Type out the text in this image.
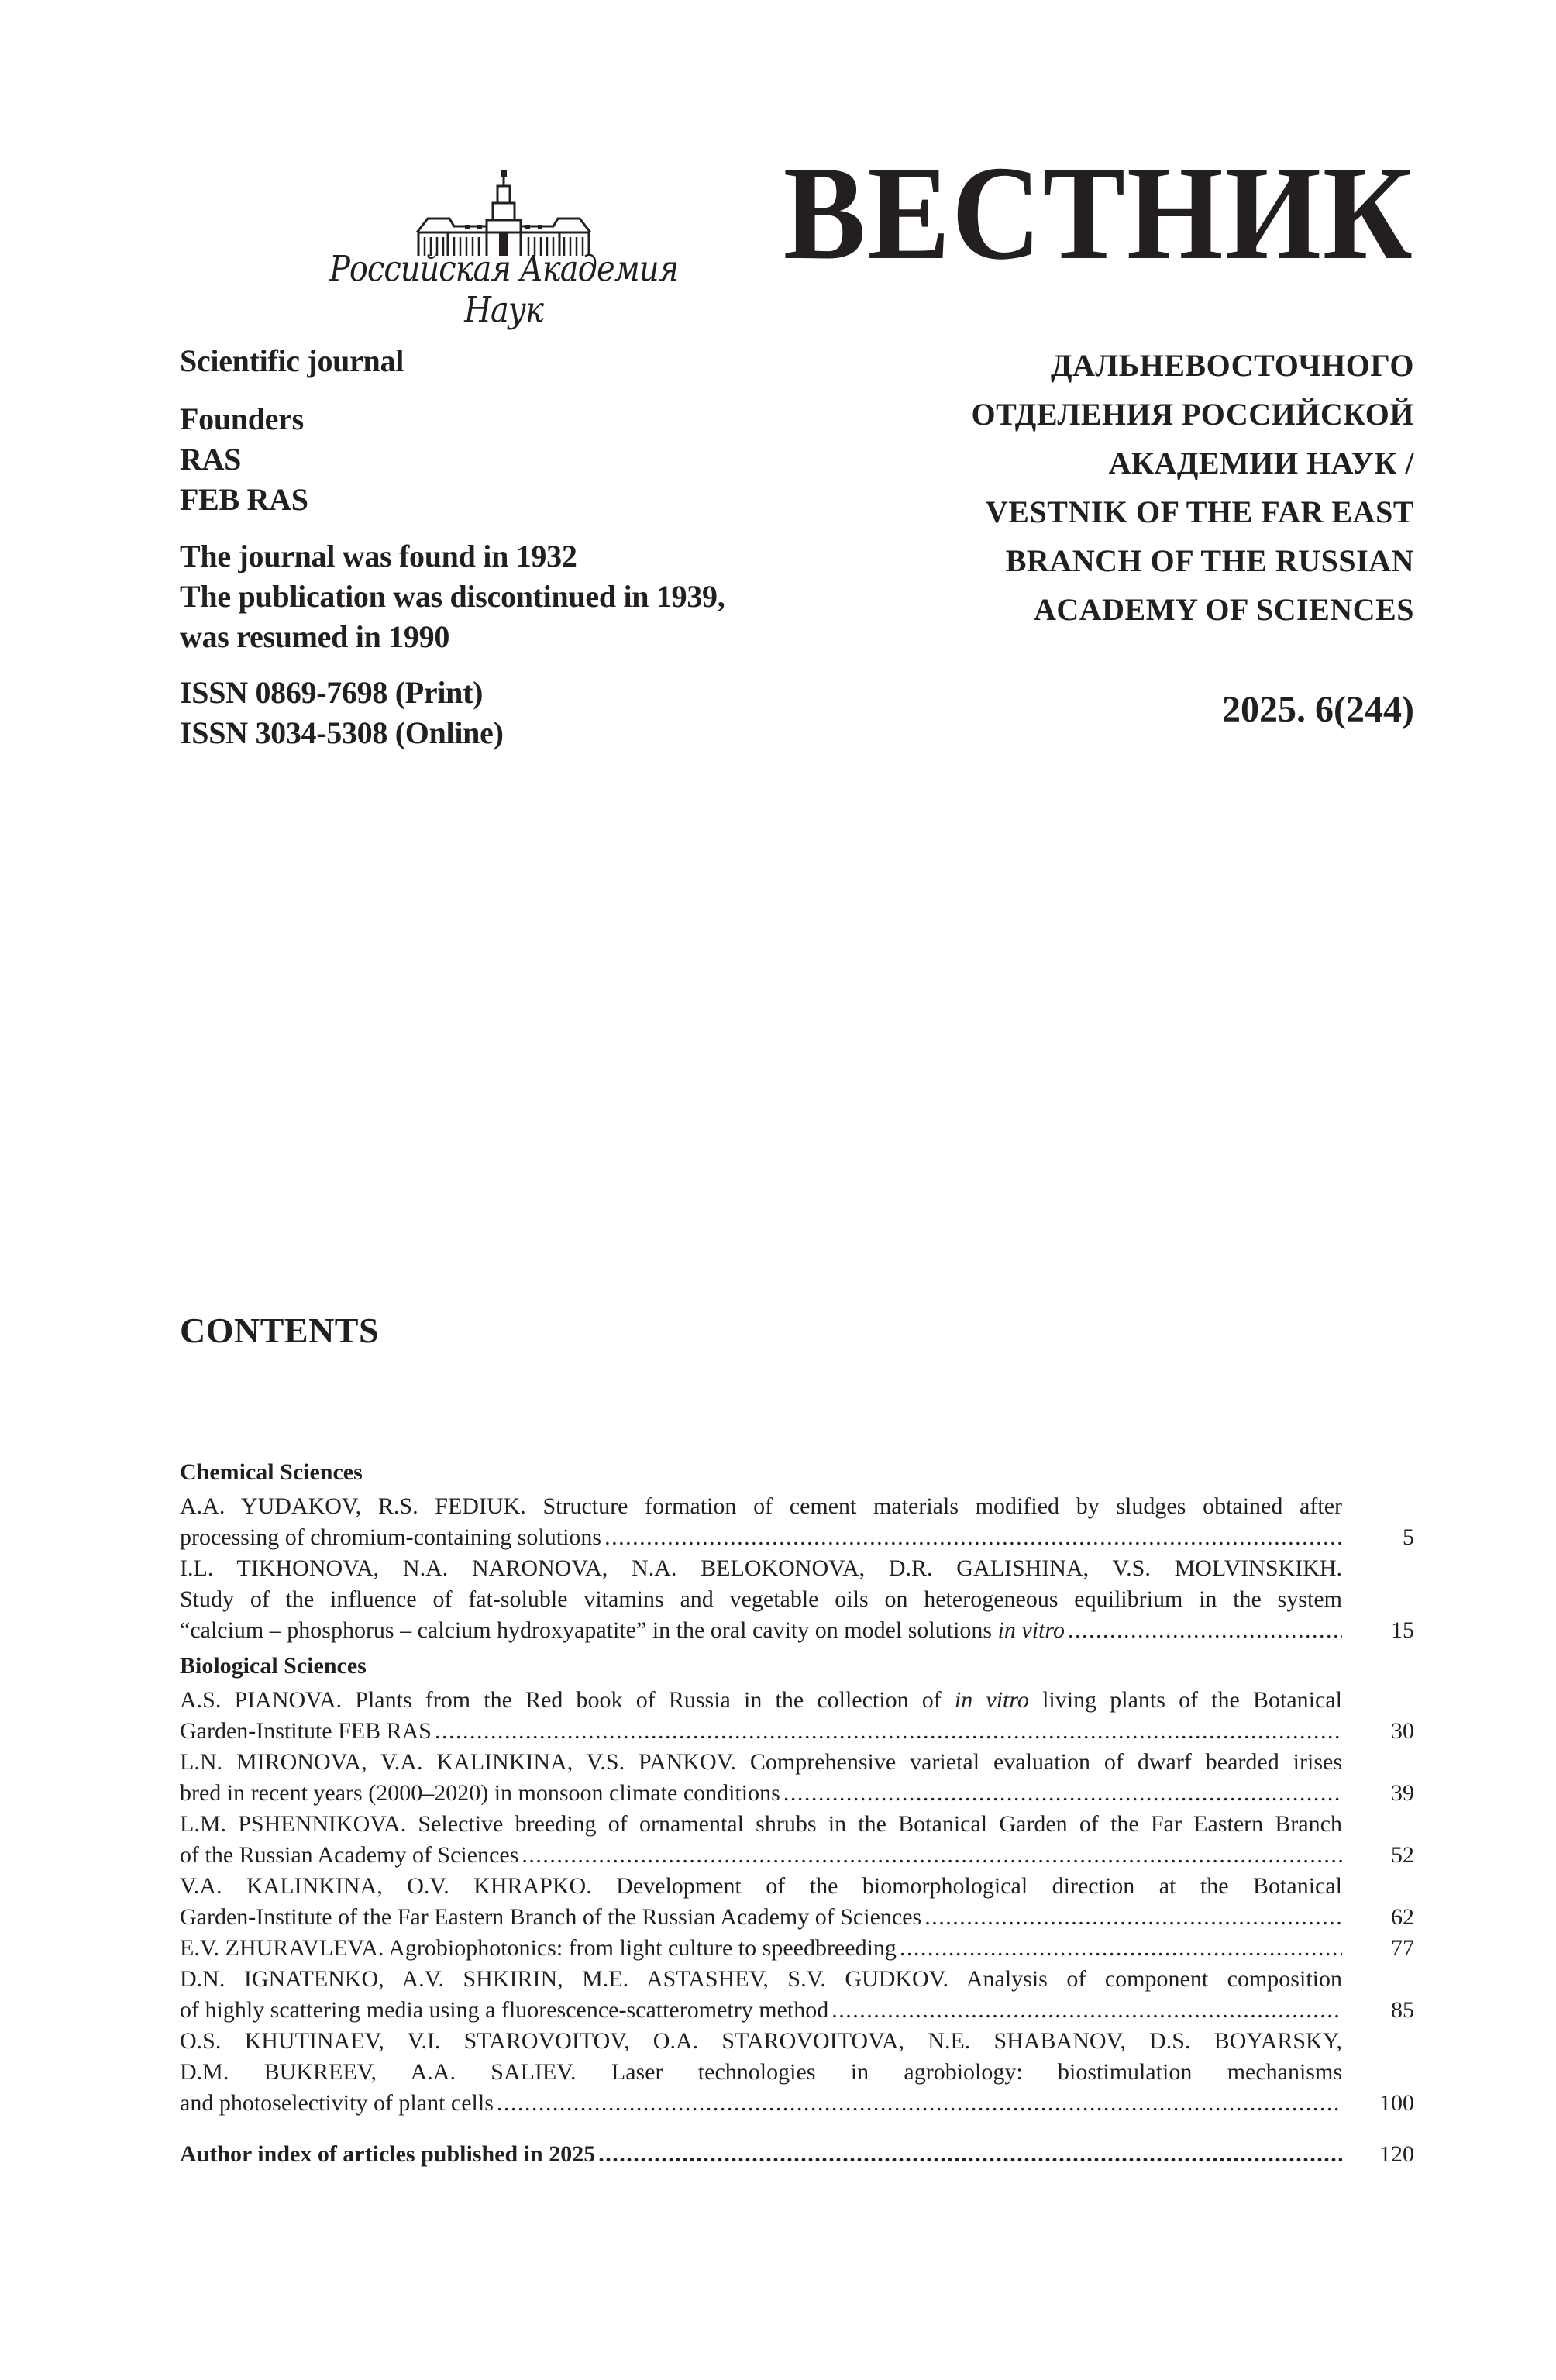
Российская Академия Наук
ВЕСТНИК
Scientific journal
Founders
RAS
FEB RAS
The journal was found in 1932
The publication was discontinued in 1939,
was resumed in 1990
ISSN 0869-7698 (Print)
ISSN 3034-5308 (Online)
ДАЛЬНЕВОСТОЧНОГО
ОТДЕЛЕНИЯ РОССИЙСКОЙ
АКАДЕМИИ НАУК /
VESTNIK OF THE FAR EAST
BRANCH OF THE RUSSIAN
ACADEMY OF SCIENCES
2025. 6(244)
CONTENTS
Chemical Sciences
A.A. YUDAKOV, R.S. FEDIUK. Structure formation of cement materials modified by sludges obtained after
processing of chromium-containing solutions . . .	5
I.L. TIKHONOVA, N.A. NARONOVA, N.A. BELOKONOVA, D.R. GALISHINA, V.S. MOLVINSKIKH.
Study of the influence of fat-soluble vitamins and vegetable oils on heterogeneous equilibrium in the system
“calcium – phosphorus – calcium hydroxyapatite” in the oral cavity on model solutions
in vitro . . .	15
Biological Sciences
A.S. PIANOVA. Plants from the Red book of Russia in the collection of in vitro living plants of the Botanical
Garden-Institute FEB RAS . . .	30
L.N. MIRONOVA, V.A. KALINKINA, V.S. PANKOV. Comprehensive varietal evaluation of dwarf bearded irises
bred in recent years (2000–2020) in monsoon climate conditions . . .	39
L.M. PSHENNIKOVA. Selective breeding of ornamental shrubs in the Botanical Garden of the Far Eastern Branch
of the Russian Academy of Sciences . . .	52
V.A. KALINKINA, O.V. KHRAPKO. Development of the biomorphological direction at the Botanical
Garden-Institute of the Far Eastern Branch of the Russian Academy of Sciences . . .	62
E.V. ZHURAVLEVA. Agrobiophotonics: from light culture to speedbreeding . . .	77
D.N. IGNATENKO, A.V. SHKIRIN, M.E. ASTASHEV, S.V. GUDKOV. Analysis of component composition
of highly scattering media using a fluorescence-scatterometry method . . .	85
O.S. KHUTINAEV, V.I. STAROVOITOV, O.A. STAROVOITOVA, N.E. SHABANOV, D.S. BOYARSKY,
D.M. BUKREEV, A.A. SALIEV. Laser technologies in agrobiology: biostimulation mechanisms
and photoselectivity of plant cells . . .	100
Author index of articles published in 2025 . . .	120
